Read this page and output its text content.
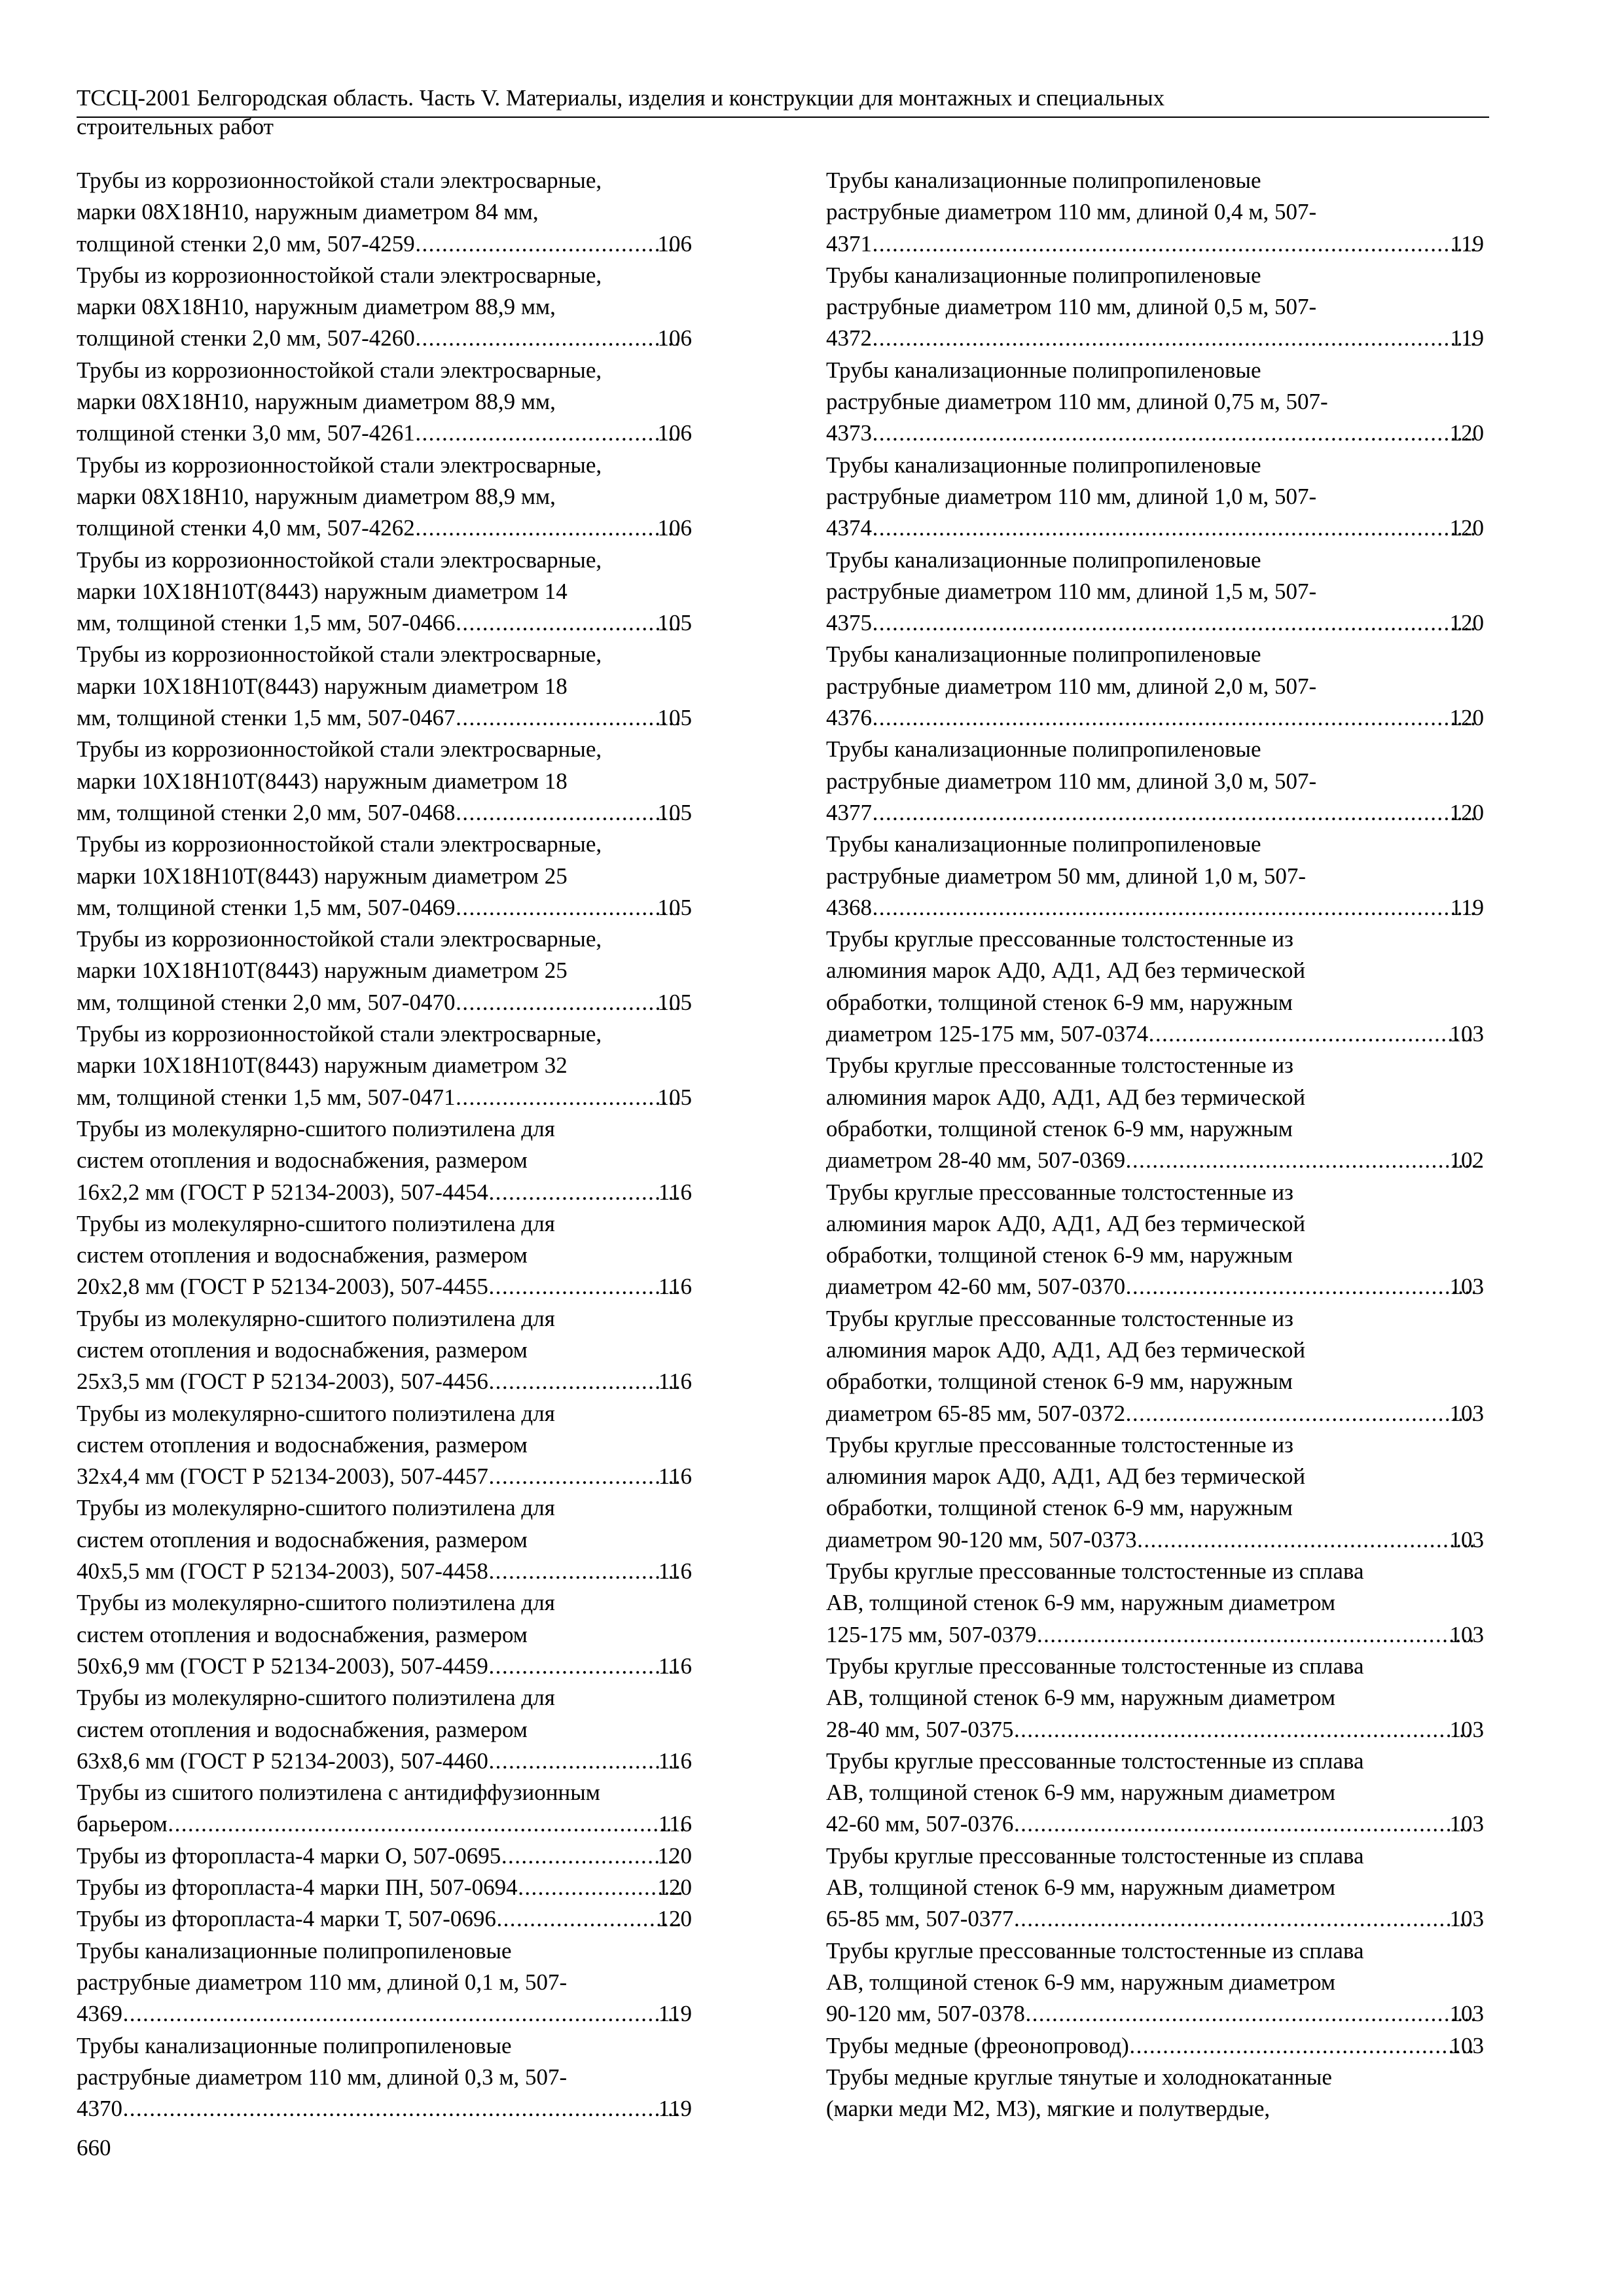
ТССЦ-2001 Белгородская область. Часть V. Материалы, изделия и конструкции для монтажных и специальных
строительных работ
Трубы из коррозионностойкой стали электросварные,
марки 08Х18Н10, наружным диаметром 84 мм,
толщиной стенки 2,0 мм, 507-4259 .....	106
Трубы из коррозионностойкой стали электросварные,
марки 08Х18Н10, наружным диаметром 88,9 мм,
толщиной стенки 2,0 мм, 507-4260 .....	106
Трубы из коррозионностойкой стали электросварные,
марки 08Х18Н10, наружным диаметром 88,9 мм,
толщиной стенки 3,0 мм, 507-4261 .....	106
Трубы из коррозионностойкой стали электросварные,
марки 08Х18Н10, наружным диаметром 88,9 мм,
толщиной стенки 4,0 мм, 507-4262 .....	106
Трубы из коррозионностойкой стали электросварные,
марки 10Х18Н10Т(8443) наружным диаметром 14
мм, толщиной стенки 1,5 мм, 507-0466 .....	105
Трубы из коррозионностойкой стали электросварные,
марки 10Х18Н10Т(8443) наружным диаметром 18
мм, толщиной стенки 1,5 мм, 507-0467 .....	105
Трубы из коррозионностойкой стали электросварные,
марки 10Х18Н10Т(8443) наружным диаметром 18
мм, толщиной стенки 2,0 мм, 507-0468 .....	105
Трубы из коррозионностойкой стали электросварные,
марки 10Х18Н10Т(8443) наружным диаметром 25
мм, толщиной стенки 1,5 мм, 507-0469 .....	105
Трубы из коррозионностойкой стали электросварные,
марки 10Х18Н10Т(8443) наружным диаметром 25
мм, толщиной стенки 2,0 мм, 507-0470 .....	105
Трубы из коррозионностойкой стали электросварные,
марки 10Х18Н10Т(8443) наружным диаметром 32
мм, толщиной стенки 1,5 мм, 507-0471 .....	105
Трубы из молекулярно-сшитого полиэтилена для
систем отопления и водоснабжения, размером
16х2,2 мм (ГОСТ Р 52134-2003), 507-4454 .....	116
Трубы из молекулярно-сшитого полиэтилена для
систем отопления и водоснабжения, размером
20х2,8 мм (ГОСТ Р 52134-2003), 507-4455 .....	116
Трубы из молекулярно-сшитого полиэтилена для
систем отопления и водоснабжения, размером
25х3,5 мм (ГОСТ Р 52134-2003), 507-4456 .....	116
Трубы из молекулярно-сшитого полиэтилена для
систем отопления и водоснабжения, размером
32х4,4 мм (ГОСТ Р 52134-2003), 507-4457 .....	116
Трубы из молекулярно-сшитого полиэтилена для
систем отопления и водоснабжения, размером
40х5,5 мм (ГОСТ Р 52134-2003), 507-4458 .....	116
Трубы из молекулярно-сшитого полиэтилена для
систем отопления и водоснабжения, размером
50х6,9 мм (ГОСТ Р 52134-2003), 507-4459 .....	116
Трубы из молекулярно-сшитого полиэтилена для
систем отопления и водоснабжения, размером
63х8,6 мм (ГОСТ Р 52134-2003), 507-4460 .....	116
Трубы из сшитого полиэтилена с антидиффузионным
барьером .....	116
Трубы из фторопласта-4 марки О, 507-0695 .....	120
Трубы из фторопласта-4 марки ПН, 507-0694 .....	120
Трубы из фторопласта-4 марки Т, 507-0696 .....	120
Трубы канализационные полипропиленовые
раструбные диаметром 110 мм, длиной 0,1 м, 507-
4369 .....	119
Трубы канализационные полипропиленовые
раструбные диаметром 110 мм, длиной 0,3 м, 507-
4370 .....	119
Трубы канализационные полипропиленовые
раструбные диаметром 110 мм, длиной 0,4 м, 507-
4371 .....	119
Трубы канализационные полипропиленовые
раструбные диаметром 110 мм, длиной 0,5 м, 507-
4372 .....	119
Трубы канализационные полипропиленовые
раструбные диаметром 110 мм, длиной 0,75 м, 507-
4373 .....	120
Трубы канализационные полипропиленовые
раструбные диаметром 110 мм, длиной 1,0 м, 507-
4374 .....	120
Трубы канализационные полипропиленовые
раструбные диаметром 110 мм, длиной 1,5 м, 507-
4375 .....	120
Трубы канализационные полипропиленовые
раструбные диаметром 110 мм, длиной 2,0 м, 507-
4376 .....	120
Трубы канализационные полипропиленовые
раструбные диаметром 110 мм, длиной 3,0 м, 507-
4377 .....	120
Трубы канализационные полипропиленовые
раструбные диаметром 50 мм, длиной 1,0 м, 507-
4368 .....	119
Трубы круглые прессованные толстостенные из
алюминия марок АД0, АД1, АД без термической
обработки, толщиной стенок 6-9 мм, наружным
диаметром 125-175 мм, 507-0374 .....	103
Трубы круглые прессованные толстостенные из
алюминия марок АД0, АД1, АД без термической
обработки, толщиной стенок 6-9 мм, наружным
диаметром 28-40 мм, 507-0369 .....	102
Трубы круглые прессованные толстостенные из
алюминия марок АД0, АД1, АД без термической
обработки, толщиной стенок 6-9 мм, наружным
диаметром 42-60 мм, 507-0370 .....	103
Трубы круглые прессованные толстостенные из
алюминия марок АД0, АД1, АД без термической
обработки, толщиной стенок 6-9 мм, наружным
диаметром 65-85 мм, 507-0372 .....	103
Трубы круглые прессованные толстостенные из
алюминия марок АД0, АД1, АД без термической
обработки, толщиной стенок 6-9 мм, наружным
диаметром 90-120 мм, 507-0373 .....	103
Трубы круглые прессованные толстостенные из сплава
АВ, толщиной стенок 6-9 мм, наружным диаметром
125-175 мм, 507-0379 .....	103
Трубы круглые прессованные толстостенные из сплава
АВ, толщиной стенок 6-9 мм, наружным диаметром
28-40 мм, 507-0375 .....	103
Трубы круглые прессованные толстостенные из сплава
АВ, толщиной стенок 6-9 мм, наружным диаметром
42-60 мм, 507-0376 .....	103
Трубы круглые прессованные толстостенные из сплава
АВ, толщиной стенок 6-9 мм, наружным диаметром
65-85 мм, 507-0377 .....	103
Трубы круглые прессованные толстостенные из сплава
АВ, толщиной стенок 6-9 мм, наружным диаметром
90-120 мм, 507-0378 .....	103
Трубы медные (фреонопровод) .....	103
Трубы медные круглые тянутые и холоднокатанные
(марки меди М2, М3), мягкие и полутвердые,
660
